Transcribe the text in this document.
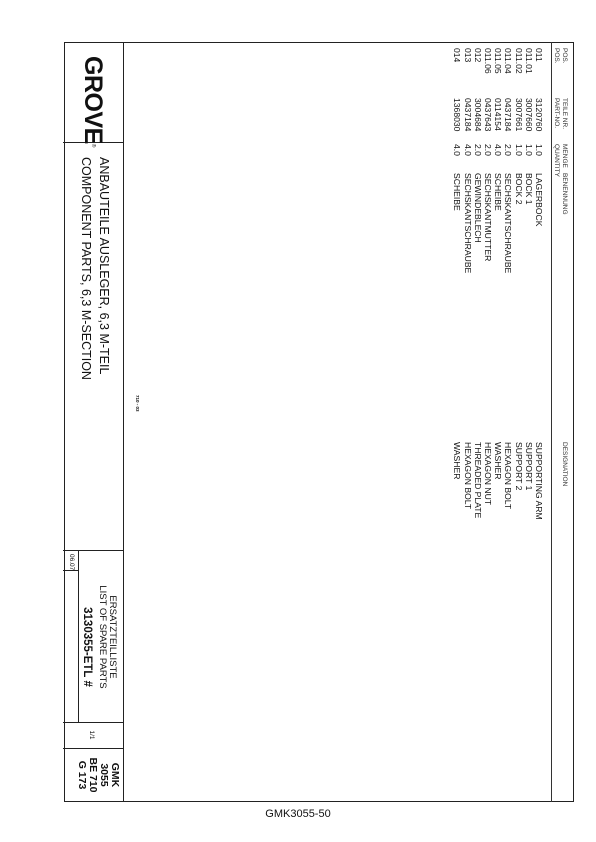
POS.
POS.
TEILE NR.
PART-NO.
MENGE
QUANTITY
BENENNUNG
DESIGNATION
011
011.01
011.02
011.04
011.05
011.06
012
013
014
3120760
3007660
3007661
0437184
0114154
0437643
3004684
0437184
1368030
1.0
1.0
1.0
2.0
4.0
2.0
2.0
4.0
4.0
LAGERBOCK
BOCK 1
BOCK 2
SECHSKANTSCHRAUBE
SCHEIBE
SECHSKANTMUTTER
GEWINDEBLECH
SECHSKANTSCHRAUBE
SCHEIBE
SUPPORTING ARM
SUPPORT 1
SUPPORT 2
HEXAGON BOLT
WASHER
HEXAGON NUT
THREADED PLATE
HEXAGON BOLT
WASHER
710 - 03
GROVE®
ANBAUTEILE AUSLEGER, 6,3 M-TEIL
COMPONENT PARTS, 6,3 M-SECTION
ERSATZTEILLISTE
LIST OF SPARE PARTS
3130355-ETL #
06.07
1/1
GMK 3055
BE 710
G 173
GMK3055-50
